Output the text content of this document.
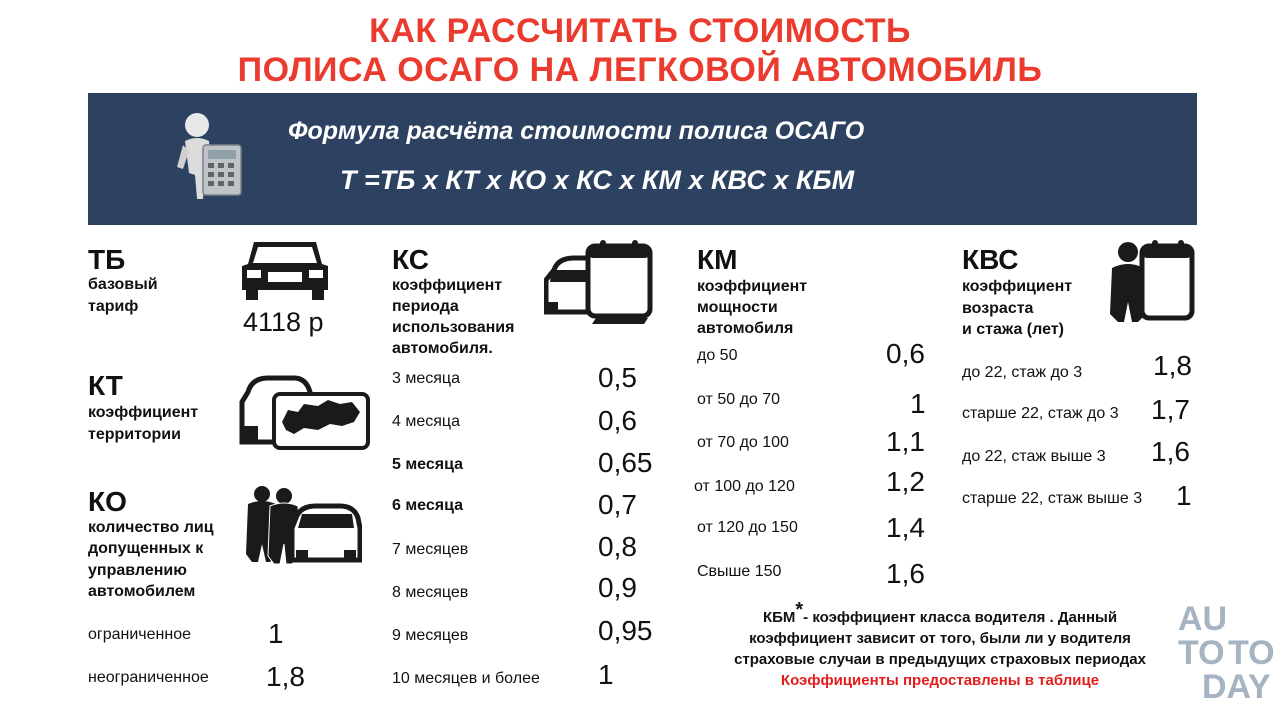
КАК РАССЧИТАТЬ СТОИМОСТЬ
ПОЛИСА ОСАГО НА ЛЕГКОВОЙ АВТОМОБИЛЬ
Формула расчёта стоимости полиса ОСАГО
Т =ТБ х КТ х КО х КС х КМ х КВС х КБМ
ТБ
базовый
тариф
4118 р
КТ
коэффициент
территории
КО
количество лиц
допущенных к
управлению
автомобилем
ограниченное	1
неограниченное 1,8
КС
коэффициент
периода
использования
автомобиля.
3 месяца	0,5
4 месяца	0,6
5 месяца	0,65
6 месяца	0,7
7 месяцев	0,8
8 месяцев	0,9
9 месяцев	0,95
10 месяцев и более 1
КМ
коэффициент
мощности
автомобиля
до 50	0,6
от 50 до 70	1
от 70 до 100	1,1
от 100 до 120	1,2
от 120 до 150	1,4
Свыше 150	1,6
КВС
коэффициент
возраста
и стажа (лет)
до 22, стаж до 3	1,8
старше 22, стаж до 3 1,7
до 22, стаж выше 3 1,6
старше 22, стаж выше 3 1
КБМ*- коэффициент класса водителя . Данный
коэффициент зависит от того, были ли у водителя
страховые случаи в предыдущих страховых периодах
Коэффициенты предоставлены в таблице
AU
TO TO
DAY
